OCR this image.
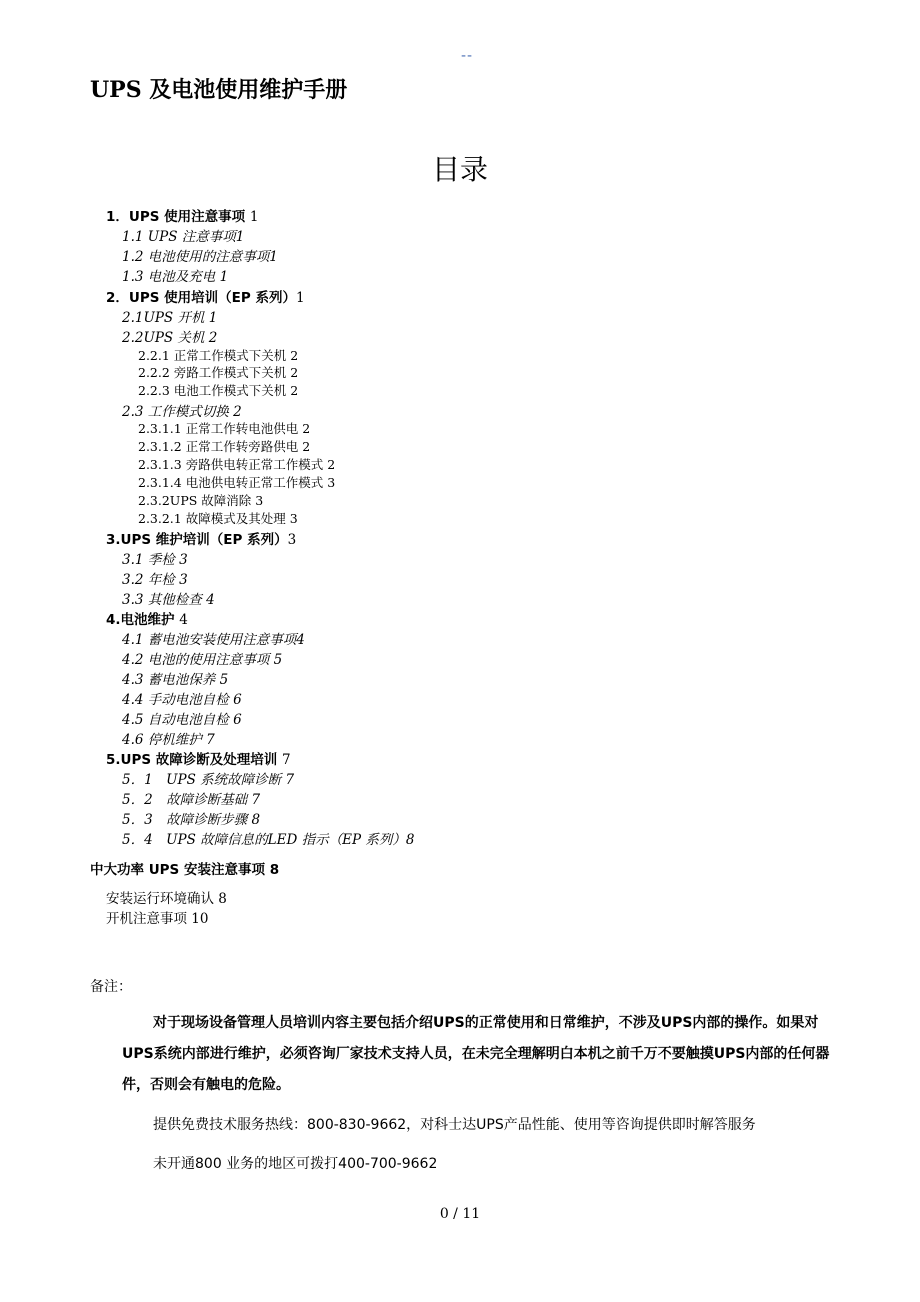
--
UPS 及电池使用维护手册
目录
1．UPS 使用注意事项 1
1.1 UPS 注意事项1
1.2 电池使用的注意事项1
1.3 电池及充电 1
2．UPS 使用培训（EP 系列）1
2.1UPS 开机 1
2.2UPS 关机 2
2.2.1 正常工作模式下关机 2
2.2.2 旁路工作模式下关机 2
2.2.3 电池工作模式下关机 2
2.3 工作模式切换 2
2.3.1.1 正常工作转电池供电 2
2.3.1.2 正常工作转旁路供电 2
2.3.1.3 旁路供电转正常工作模式 2
2.3.1.4 电池供电转正常工作模式 3
2.3.2UPS 故障消除 3
2.3.2.1 故障模式及其处理 3
3.UPS 维护培训（EP 系列）3
3.1 季检 3
3.2 年检 3
3.3 其他检查 4
4.电池维护 4
4.1 蓄电池安装使用注意事项4
4.2 电池的使用注意事项 5
4.3 蓄电池保养 5
4.4 手动电池自检 6
4.5 自动电池自检 6
4.6 停机维护 7
5.UPS 故障诊断及处理培训 7
5．1　UPS 系统故障诊断 7
5．2　故障诊断基础 7
5．3　故障诊断步骤 8
5．4　UPS 故障信息的LED 指示（EP 系列）8
中大功率 UPS 安装注意事项 8
安装运行环境确认 8
开机注意事项 10
备注：
对于现场设备管理人员培训内容主要包括介绍UPS的正常使用和日常维护，不涉及UPS内部的操作。如果对UPS系统内部进行维护，必须咨询厂家技术支持人员，在未完全理解明白本机之前千万不要触摸UPS内部的任何器件，否则会有触电的危险。
提供免费技术服务热线：800-830-9662，对科士达UPS产品性能、使用等咨询提供即时解答服务
未开通800 业务的地区可拨打400-700-9662
0 / 11
